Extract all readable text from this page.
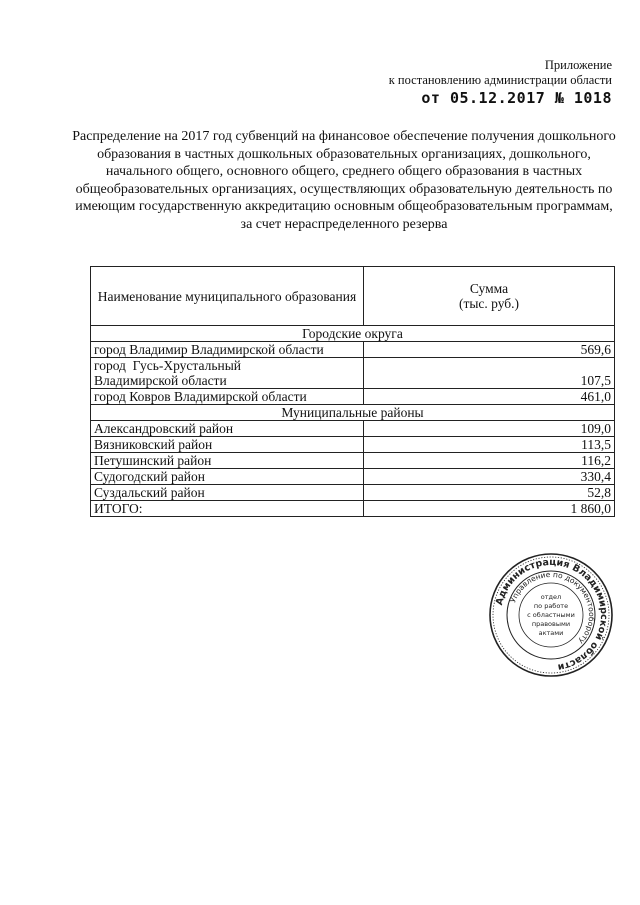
Приложение
к постановлению администрации области
от 05.12.2017 № 1018
Распределение на 2017 год субвенций на финансовое обеспечение получения дошкольного образования в частных дошкольных образовательных организациях, дошкольного, начального общего, основного общего, среднего общего образования в частных общеобразовательных организациях, осуществляющих образовательную деятельность по имеющим государственную аккредитацию основным общеобразовательным программам, за счет нераспределенного резерва
Наименование муниципального образования	Сумма
(тыс. руб.)

Городские округа	
город Владимир Владимирской области	569,6

город  Гусь-Хрустальный
Владимирской области	107,5
город Ковров Владимирской области	461,0
Муниципальные районы	
Александровский район	109,0
Вязниковский район	113,5
Петушинский район	116,2
Судогодский район	330,4
Суздальский район	52,8
ИТОГО:	1 860,0
Администрация Владимирской области
Управление по документообороту
отдел
по работе
с областными
правовыми
актами
